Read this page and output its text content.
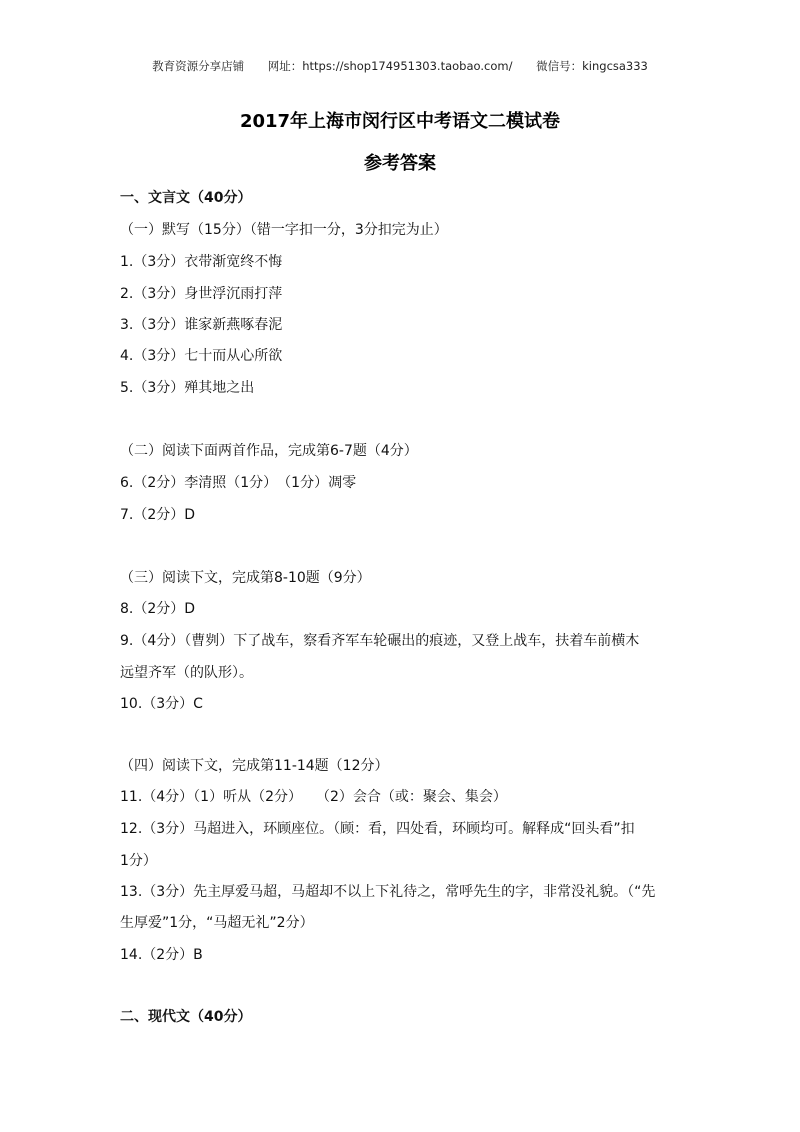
教育资源分享店铺 网址：https://shop174951303.taobao.com/ 微信号：kingcsa333
2017年上海市闵行区中考语文二模试卷
参考答案
一、文言文（40分）
（一）默写（15分）（错一字扣一分，3分扣完为止）
1.（3分）衣带渐宽终不悔
2.（3分）身世浮沉雨打萍
3.（3分）谁家新燕啄春泥
4.（3分）七十而从心所欲
5.（3分）殚其地之出
（二）阅读下面两首作品，完成第6-7题（4分）
6.（2分）李清照（1分）　（1分）凋零
7.（2分）D
（三）阅读下文，完成第8-10题（9分）
8.（2分）D
9.（4分）（曹刿）下了战车，察看齐军车轮碾出的痕迹，又登上战车，扶着车前横木
远望齐军（的队形）。
10.（3分）C
（四）阅读下文，完成第11-14题（12分）
11.（4分）（1）听从（2分）　　（2）会合（或：聚会、集会）
12.（3分）马超进入，环顾座位。（顾：看，四处看，环顾均可。解释成“回头看”扣
1分）
13.（3分）先主厚爱马超，马超却不以上下礼待之，常呼先生的字，非常没礼貌。（“先
生厚爱”1分，“马超无礼”2分）
14.（2分）B
二、现代文（40分）
